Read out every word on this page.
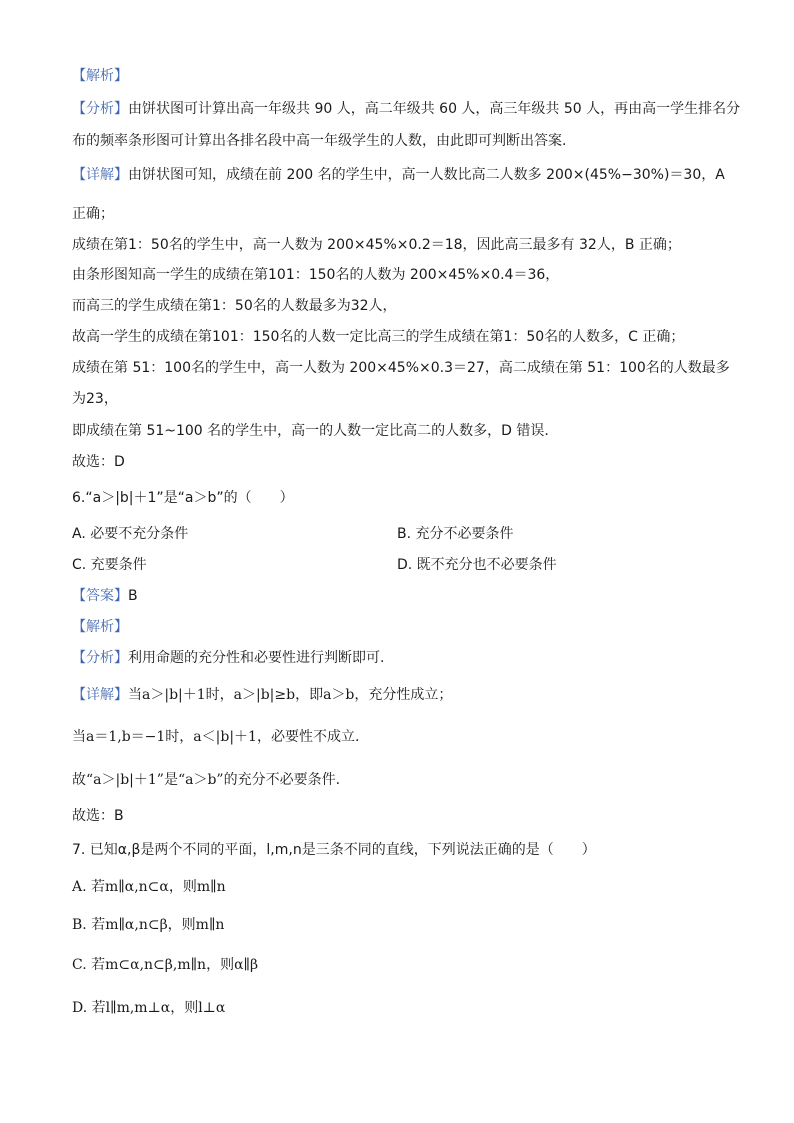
【解析】
【分析】由饼状图可计算出高一年级共 90 人，高二年级共 60 人，高三年级共 50 人，再由高一学生排名分
布的频率条形图可计算出各排名段中高一年级学生的人数，由此即可判断出答案.
【详解】由饼状图可知，成绩在前 200 名的学生中，高一人数比高二人数多 200×(45%−30%)＝30，A
正确；
成绩在第1：50名的学生中，高一人数为 200×45%×0.2＝18，因此高三最多有 32人，B 正确；
由条形图知高一学生的成绩在第101：150名的人数为 200×45%×0.4＝36，
而高三的学生成绩在第1：50名的人数最多为32人，
故高一学生的成绩在第101：150名的人数一定比高三的学生成绩在第1：50名的人数多，C 正确；
成绩在第 51：100名的学生中，高一人数为 200×45%×0.3＝27，高二成绩在第 51：100名的人数最多
为23，
即成绩在第 51~100 名的学生中，高一的人数一定比高二的人数多，D 错误.
故选：D
6.“a＞|b|＋1”是“a＞b”的（　　）
A. 必要不充分条件	B. 充分不必要条件
C. 充要条件	D. 既不充分也不必要条件
【答案】B
【解析】
【分析】利用命题的充分性和必要性进行判断即可.
【详解】当a＞|b|＋1时，a＞|b|≥b，即a＞b，充分性成立；
当a＝1,b＝−1时，a＜|b|＋1，必要性不成立.
故“a＞|b|＋1”是“a＞b”的充分不必要条件.
故选：B
7. 已知α,β是两个不同的平面，l,m,n是三条不同的直线，下列说法正确的是（　　）
A. 若m∥α,n⊂α，则m∥n
B. 若m∥α,n⊂β，则m∥n
C. 若m⊂α,n⊂β,m∥n，则α∥β
D. 若l∥m,m⊥α，则l⊥α
